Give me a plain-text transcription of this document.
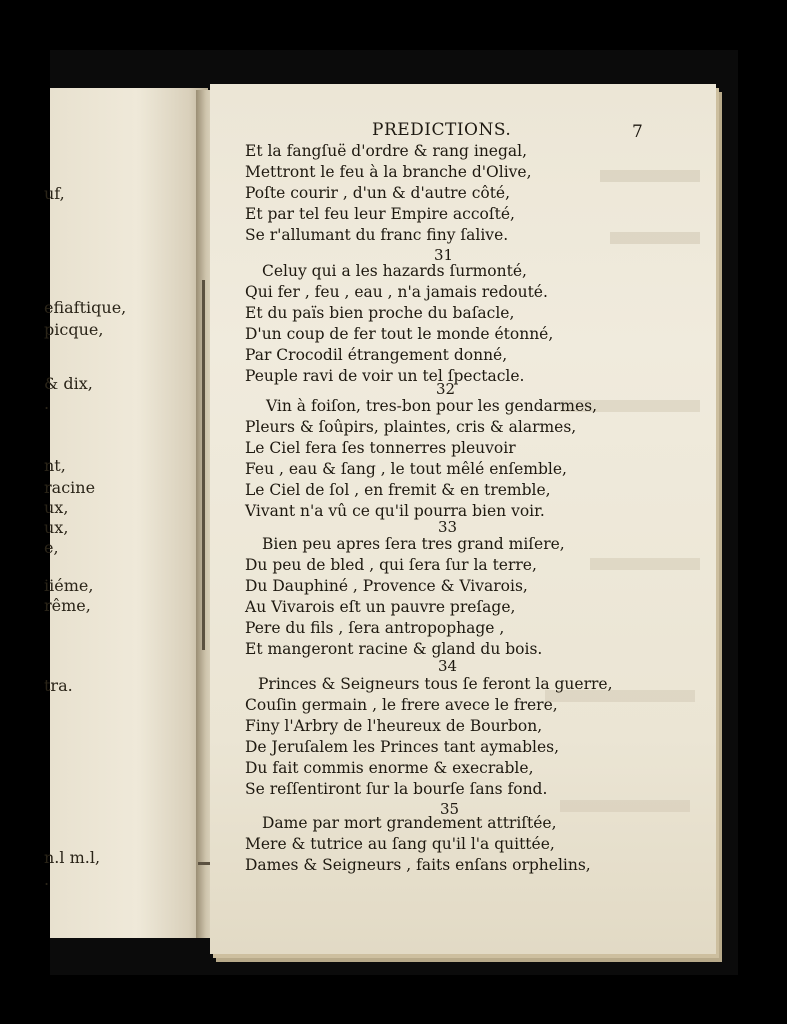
uf,
efiaftique,
picque,
& dix,
.
nt,
racine
ux,
ux,
e,
iiéme,
rême,
tra.
n.l m.l,
.
PREDICTIONS.	7
Et la fangſuë d'ordre & rang inegal,
Mettront le feu à la branche d'Olive,
Poſte courir , d'un & d'autre côté,
Et par tel feu leur Empire accoſté,
Se r'allumant du franc finy ſalive.
31
Celuy qui a les hazards ſurmonté,
Qui fer , feu , eau , n'a jamais redouté.
Et du païs bien proche du baſacle,
D'un coup de fer tout le monde étonné,
Par Crocodil étrangement donné,
Peuple ravi de voir un tel ſpectacle.
32
Vin à foiſon, tres-bon pour les gendarmes,
Pleurs & ſoûpirs, plaintes, cris & alarmes,
Le Ciel fera ſes tonnerres pleuvoir
Feu , eau & ſang , le tout mêlé enſemble,
Le Ciel de ſol , en fremit & en tremble,
Vivant n'a vû ce qu'il pourra bien voir.
33
Bien peu apres ſera tres grand miſere,
Du peu de bled , qui ſera ſur la terre,
Du Dauphiné , Provence & Vivarois,
Au Vivarois eſt un pauvre preſage,
Pere du fils , ſera antropophage ,
Et mangeront racine & gland du bois.
34
Princes & Seigneurs tous ſe feront la guerre,
Couſin germain , le frere avece le frere,
Finy l'Arbry de l'heureux de Bourbon,
De Jeruſalem les Princes tant aymables,
Du fait commis enorme & execrable,
Se reſſentiront ſur la bourſe ſans fond.
35
Dame par mort grandement attriſtée,
Mere & tutrice au ſang qu'il l'a quittée,
Dames & Seigneurs , faits enſans orphelins,
